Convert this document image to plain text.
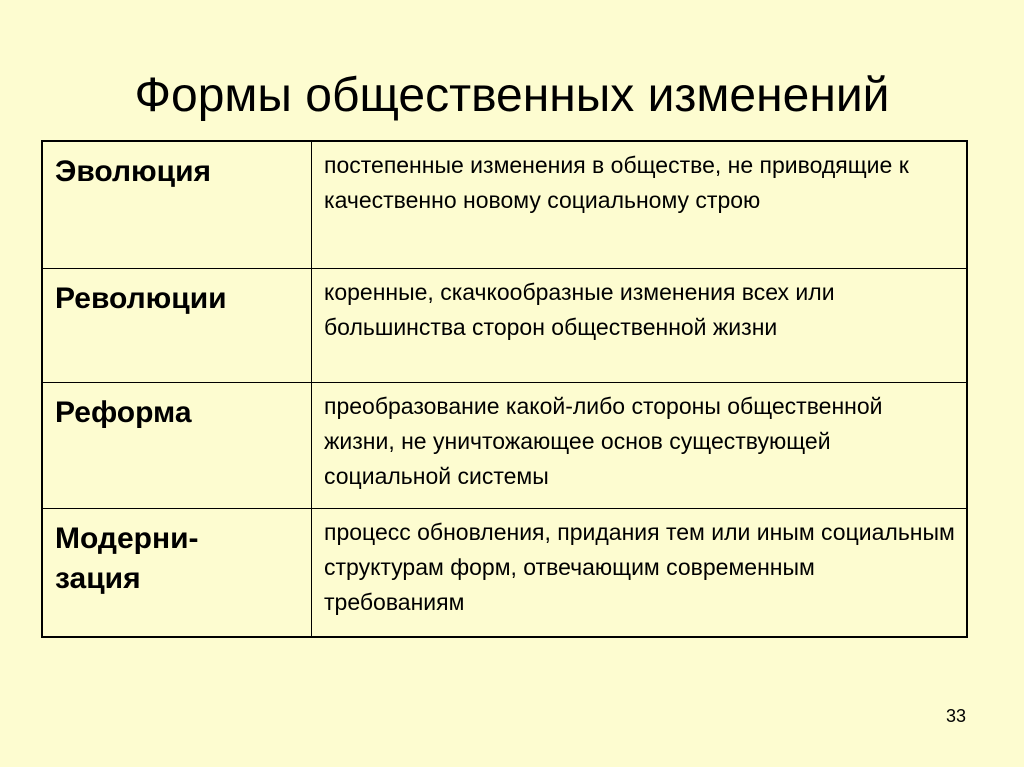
Формы общественных изменений
Эволюция	постепенные изменения в обществе, не приводящие к качественно новому социальному строю

Революции	коренные, скачкообразные изменения всех или большинства сторон общественной жизни

Реформа	преобразование какой-либо стороны общественной жизни, не уничтожающее основ существующей социальной системы

Модерни-
зация	процесс обновления, придания тем или иным социальным структурам форм, отвечающим современным требованиям
33
